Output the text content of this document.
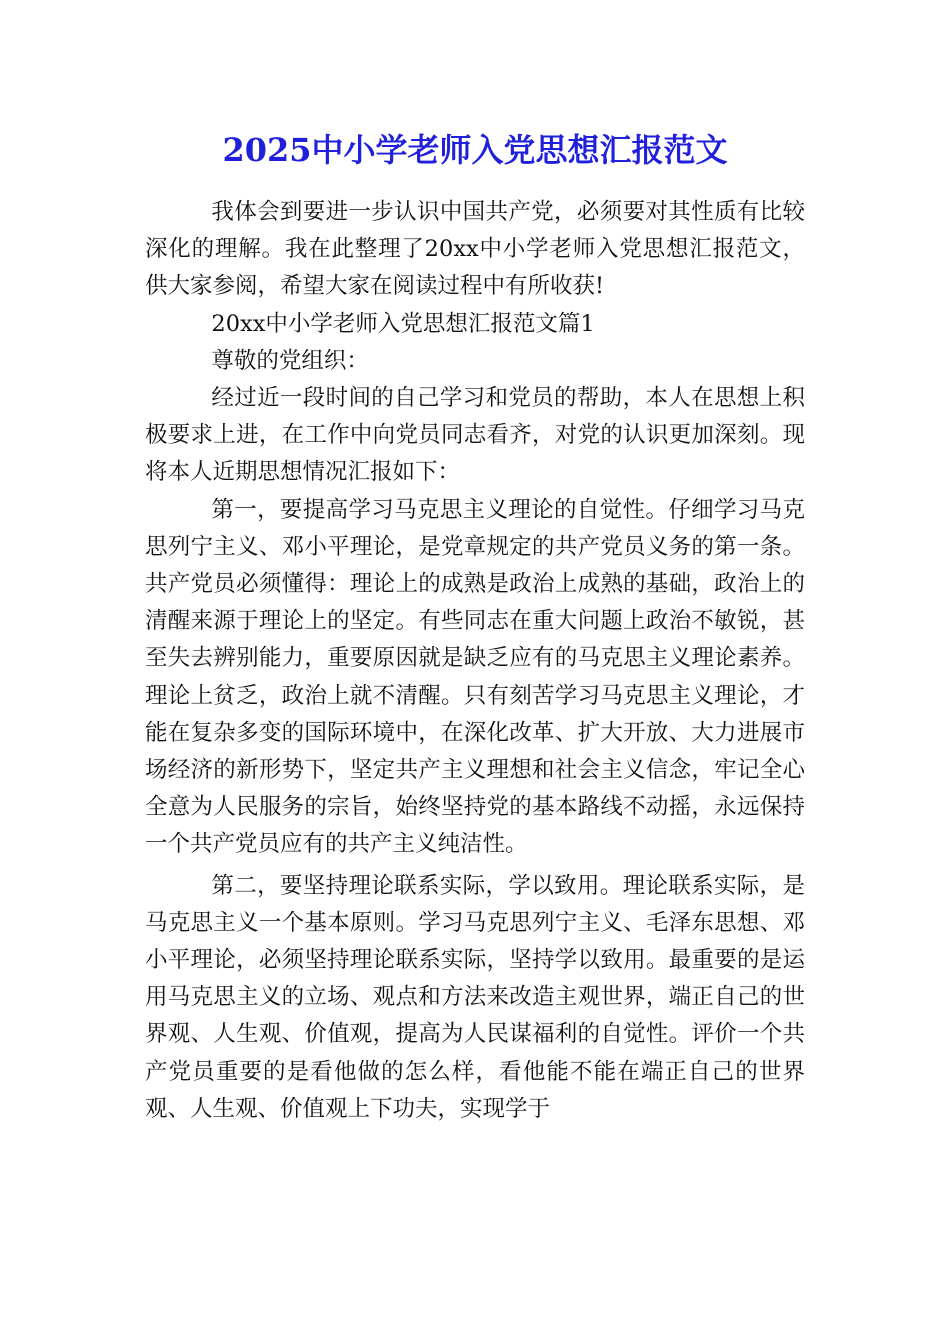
2025中小学老师入党思想汇报范文

我体会到要进一步认识中国共产党，必须要对其性质有比较深化的理解。我在此整理了20xx中小学老师入党思想汇报范文，供大家参阅，希望大家在阅读过程中有所收获!

20xx中小学老师入党思想汇报范文篇1

尊敬的党组织：

经过近一段时间的自己学习和党员的帮助，本人在思想上积极要求上进，在工作中向党员同志看齐，对党的认识更加深刻。现将本人近期思想情况汇报如下：

第一，要提高学习马克思主义理论的自觉性。仔细学习马克思列宁主义、邓小平理论，是党章规定的共产党员义务的第一条。共产党员必须懂得：理论上的成熟是政治上成熟的基础，政治上的清醒来源于理论上的坚定。有些同志在重大问题上政治不敏锐，甚至失去辨别能力，重要原因就是缺乏应有的马克思主义理论素养。理论上贫乏，政治上就不清醒。只有刻苦学习马克思主义理论，才能在复杂多变的国际环境中，在深化改革、扩大开放、大力进展市场经济的新形势下，坚定共产主义理想和社会主义信念，牢记全心全意为人民服务的宗旨，始终坚持党的基本路线不动摇，永远保持一个共产党员应有的共产主义纯洁性。

第二，要坚持理论联系实际，学以致用。理论联系实际，是马克思主义一个基本原则。学习马克思列宁主义、毛泽东思想、邓小平理论，必须坚持理论联系实际，坚持学以致用。最重要的是运用马克思主义的立场、观点和方法来改造主观世界，端正自己的世界观、人生观、价值观，提高为人民谋福利的自觉性。评价一个共产党员重要的是看他做的怎么样，看他能不能在端正自己的世界观、人生观、价值观上下功夫，实现学于
